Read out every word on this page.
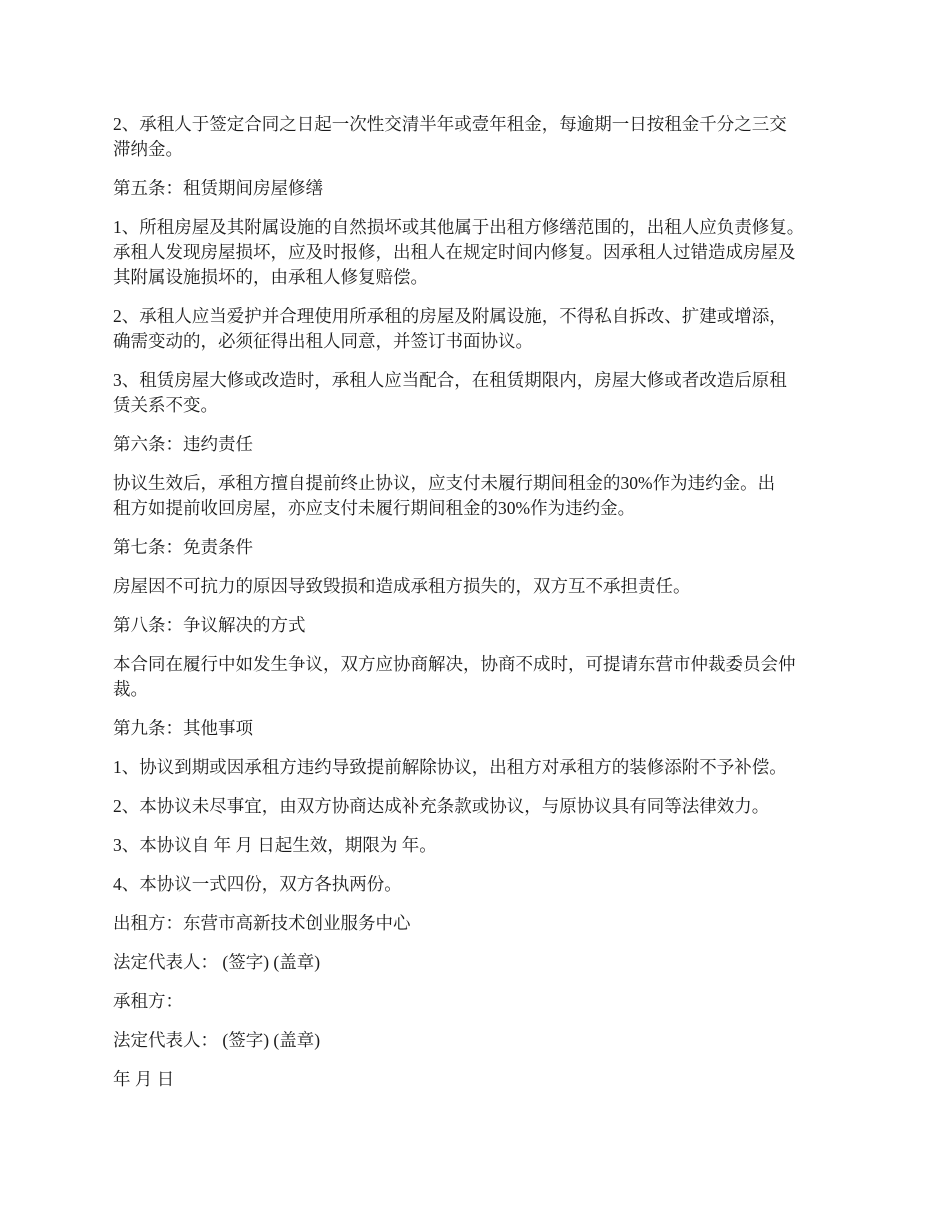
2、承租人于签定合同之日起一次性交清半年或壹年租金，每逾期一日按租金千分之三交
滞纳金。

第五条：租赁期间房屋修缮

1、所租房屋及其附属设施的自然损坏或其他属于出租方修缮范围的，出租人应负责修复。
承租人发现房屋损坏，应及时报修，出租人在规定时间内修复。因承租人过错造成房屋及
其附属设施损坏的，由承租人修复赔偿。

2、承租人应当爱护并合理使用所承租的房屋及附属设施，不得私自拆改、扩建或增添，
确需变动的，必须征得出租人同意，并签订书面协议。

3、租赁房屋大修或改造时，承租人应当配合，在租赁期限内，房屋大修或者改造后原租
赁关系不变。

第六条：违约责任

协议生效后，承租方擅自提前终止协议，应支付未履行期间租金的30%作为违约金。出
租方如提前收回房屋，亦应支付未履行期间租金的30%作为违约金。

第七条：免责条件

房屋因不可抗力的原因导致毁损和造成承租方损失的，双方互不承担责任。

第八条：争议解决的方式

本合同在履行中如发生争议，双方应协商解决，协商不成时，可提请东营市仲裁委员会仲
裁。

第九条：其他事项

1、协议到期或因承租方违约导致提前解除协议，出租方对承租方的装修添附不予补偿。

2、本协议未尽事宜，由双方协商达成补充条款或协议，与原协议具有同等法律效力。

3、本协议自 年 月 日起生效，期限为 年。

4、本协议一式四份，双方各执两份。

出租方：东营市高新技术创业服务中心

法定代表人： (签字) (盖章)

承租方：

法定代表人： (签字) (盖章)

年 月 日
